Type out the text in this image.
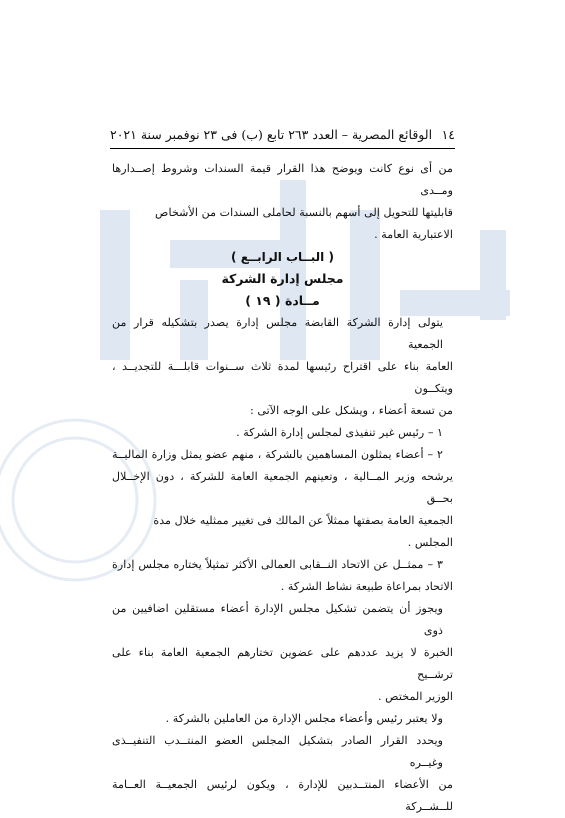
١٤
الوقائع المصرية – العدد ٢٦٣ تابع (ب) فى ٢٣ نوفمبر سنة ٢٠٢١

من أى نوع كانت ويوضح هذا القرار قيمة السندات وشروط إصــدارها ومــدى

قابليتها للتحويل إلى أسهم بالنسبة لحاملى السندات من الأشخاص الاعتبارية العامة .

( البــاب الرابــع )

مجلس إدارة الشركة

مــادة ( ١٩ )

يتولى إدارة الشركة القابضة مجلس إدارة يصدر بتشكيله قرار من الجمعية

العامة بناء على اقتراح رئيسها لمدة ثلاث ســنوات قابلـــة للتجديــد ، ويتكــون

من تسعة أعضاء ، ويشكل على الوجه الآتى :

١ – رئيس غير تنفيذى لمجلس إدارة الشركة .

٢ – أعضاء يمثلون المساهمين بالشركة ، منهم عضو يمثل وزارة الماليــة

يرشحه وزير المــالية ، وتعينهم الجمعية العامة للشركة ، دون الإخــلال بحــق

الجمعية العامة بصفتها ممثلاً عن المالك فى تغيير ممثليه خلال مدة المجلس .

٣ – ممثــل عن الاتحاد النــقابى العمالى الأكثر تمثيلاً يختاره مجلس إدارة

الاتحاد بمراعاة طبيعة نشاط الشركة .

ويجوز أن يتضمن تشكيل مجلس الإدارة أعضاء مستقلين اضافيين من ذوى

الخبرة لا يزيد عددهم على عضوين تختارهم الجمعية العامة بناء على ترشــيح

الوزير المختص .

ولا يعتبر رئيس وأعضاء مجلس الإدارة من العاملين بالشركة .

ويحدد القرار الصادر بتشكيل المجلس العضو المنتــدب التنفيــذى وغيــره

من الأعضاء المنتــدبين للإدارة ، ويكون لرئيس الجمعيــة العــامة للــشــركة
